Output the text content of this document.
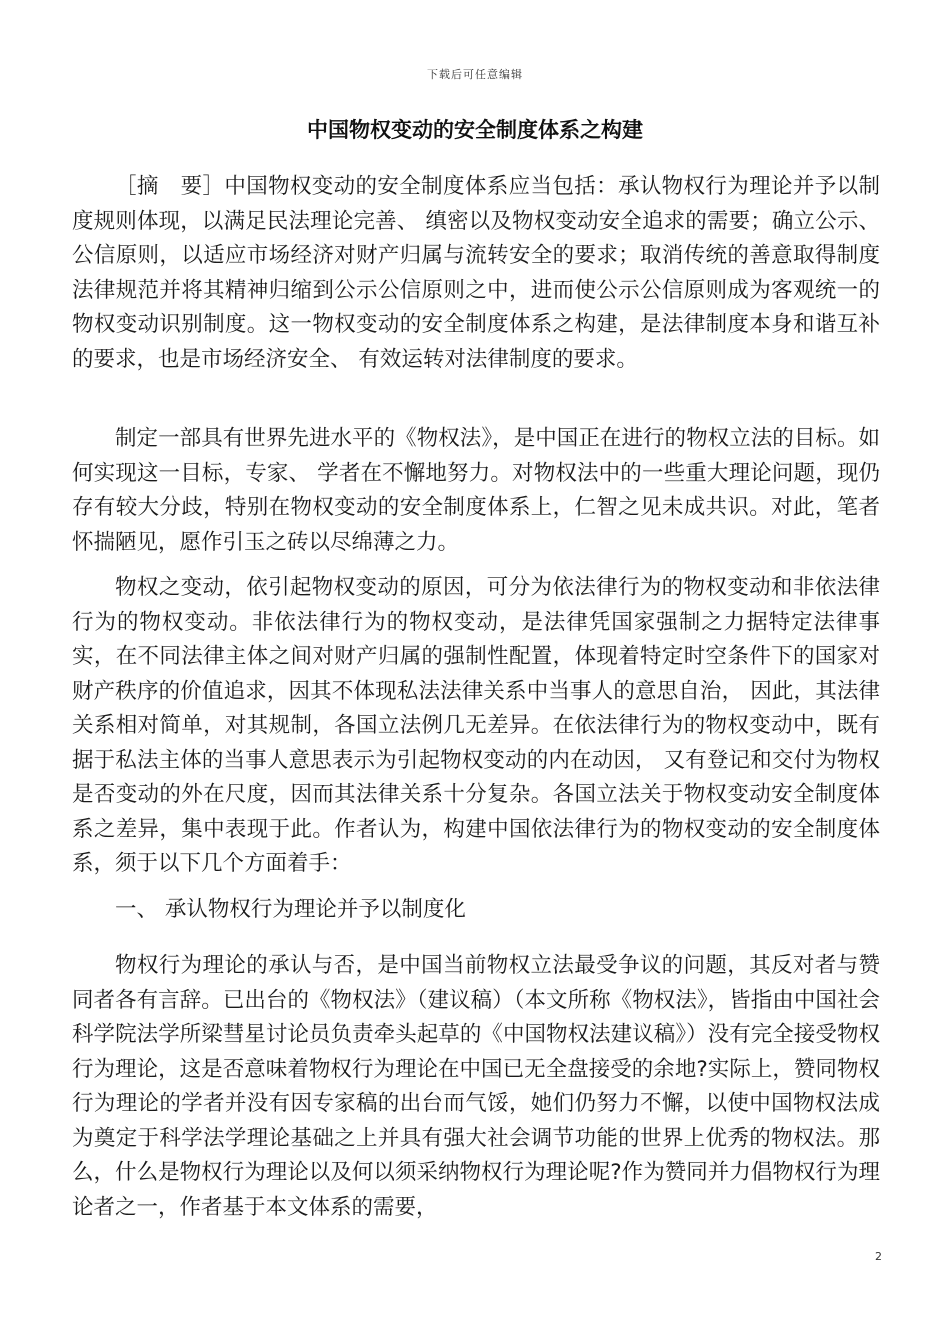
下载后可任意编辑
中国物权变动的安全制度体系之构建

［摘　要］中国物权变动的安全制度体系应当包括：承认物权行为理论并予以制度规则体现，以满足民法理论完善、 缜密以及物权变动安全追求的需要；确立公示、 公信原则，以适应市场经济对财产归属与流转安全的要求；取消传统的善意取得制度法律规范并将其精神归缩到公示公信原则之中，进而使公示公信原则成为客观统一的物权变动识别制度。这一物权变动的安全制度体系之构建，是法律制度本身和谐互补的要求，也是市场经济安全、 有效运转对法律制度的要求。

制定一部具有世界先进水平的《物权法》，是中国正在进行的物权立法的目标。如何实现这一目标，专家、 学者在不懈地努力。对物权法中的一些重大理论问题，现仍存有较大分歧，特别在物权变动的安全制度体系上，仁智之见未成共识。对此，笔者怀揣陋见，愿作引玉之砖以尽绵薄之力。

物权之变动，依引起物权变动的原因，可分为依法律行为的物权变动和非依法律行为的物权变动。非依法律行为的物权变动，是法律凭国家强制之力据特定法律事实，在不同法律主体之间对财产归属的强制性配置，体现着特定时空条件下的国家对财产秩序的价值追求，因其不体现私法法律关系中当事人的意思自治， 因此，其法律关系相对简单，对其规制，各国立法例几无差异。在依法律行为的物权变动中，既有据于私法主体的当事人意思表示为引起物权变动的内在动因， 又有登记和交付为物权是否变动的外在尺度，因而其法律关系十分复杂。各国立法关于物权变动安全制度体系之差异，集中表现于此。作者认为，构建中国依法律行为的物权变动的安全制度体系，须于以下几个方面着手：

一、 承认物权行为理论并予以制度化

物权行为理论的承认与否，是中国当前物权立法最受争议的问题，其反对者与赞同者各有言辞。已出台的《物权法》（建议稿）（本文所称《物权法》，皆指由中国社会科学院法学所梁彗星讨论员负责牵头起草的《中国物权法建议稿》）没有完全接受物权行为理论，这是否意味着物权行为理论在中国已无全盘接受的余地?实际上，赞同物权行为理论的学者并没有因专家稿的出台而气馁，她们仍努力不懈，以使中国物权法成为奠定于科学法学理论基础之上并具有强大社会调节功能的世界上优秀的物权法。那么，什么是物权行为理论以及何以须采纳物权行为理论呢?作为赞同并力倡物权行为理论者之一，作者基于本文体系的需要，

2
